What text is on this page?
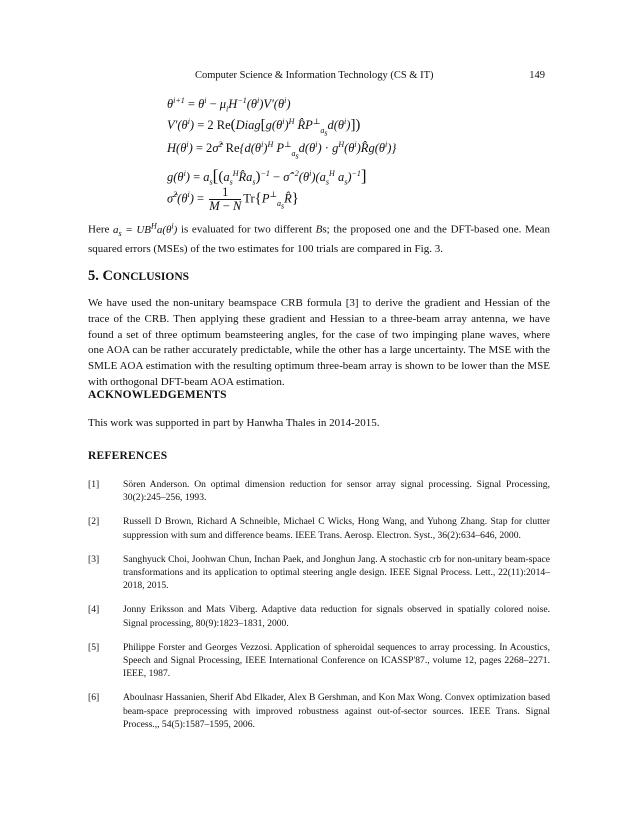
Computer Science & Information Technology (CS & IT)	149
$\theta^{i+1} = \theta^i - \mu_iH^{-1}(\theta^i)V'(\theta^i)$
$V'(\theta^i) = 2$ $Re(Diag[g(\theta^i)^H$ $R̂P^\perp_{a_s}d(\theta^i)$])
$H(\theta^i)$ = 2σ̂$^2$ $Re\{d(\theta^i)^H$ $P^\perp_{a_s}d(\theta^i)$ · $g^H(\theta^i)R̂g(\theta^i)$}
$g(\theta^i)$ = $a_s[(a_s^HR̂a_s)^{-1}$ − $\sigmâ^{-2}(\theta^i)(a_s^H$ $a_s)^{-1}$]
$\sigmâ^2(\theta^i) = \frac{1}{M - N}$ $Tr\{P^\perp_{a_s}R̂\}$

Here $a_s = UB^Ha(\theta^i)$ is evaluated for two different Bs; the proposed one and the DFT-based one. Mean squared errors (MSEs) of the two estimates for 100 trials are compared in Fig. 3.

5. CONCLUSIONS

We have used the non-unitary beamspace CRB formula [3] to derive the gradient and Hessian of the trace of the CRB. Then applying these gradient and Hessian to a three-beam array antenna, we have found a set of three optimum beamsteering angles, for the case of two impinging plane waves, where one AOA can be rather accurately predictable, while the other has a large uncertainty. The MSE with the SMLE AOA estimation with the resulting optimum three-beam array is shown to be lower than the MSE with orthogonal DFT-beam AOA estimation.

ACKNOWLEDGEMENTS

This work was supported in part by Hanwha Thales in 2014-2015.

REFERENCES
[1] Sören Anderson. On optimal dimension reduction for sensor array signal processing. Signal Processing, 30(2):245–256, 1993.
[2] Russell D Brown, Richard A Schneible, Michael C Wicks, Hong Wang, and Yuhong Zhang. Stap for clutter suppression with sum and difference beams. IEEE Trans. Aerosp. Electron. Syst., 36(2):634–646, 2000.
[3] Sanghyuck Choi, Joohwan Chun, Inchan Paek, and Jonghun Jang. A stochastic crb for non-unitary beam-space transformations and its application to optimal steering angle design. IEEE Signal Process. Lett., 22(11):2014–2018, 2015.
[4] Jonny Eriksson and Mats Viberg. Adaptive data reduction for signals observed in spatially colored noise. Signal processing, 80(9):1823–1831, 2000.
[5] Philippe Forster and Georges Vezzosi. Application of spheroidal sequences to array processing. In Acoustics, Speech and Signal Processing, IEEE International Conference on ICASSP'87., volume 12, pages 2268–2271. IEEE, 1987.
[6] Aboulnasr Hassanien, Sherif Abd Elkader, Alex B Gershman, and Kon Max Wong. Convex optimization based beam-space preprocessing with improved robustness against out-of-sector sources. IEEE Trans. Signal Process.,, 54(5):1587–1595, 2006.
